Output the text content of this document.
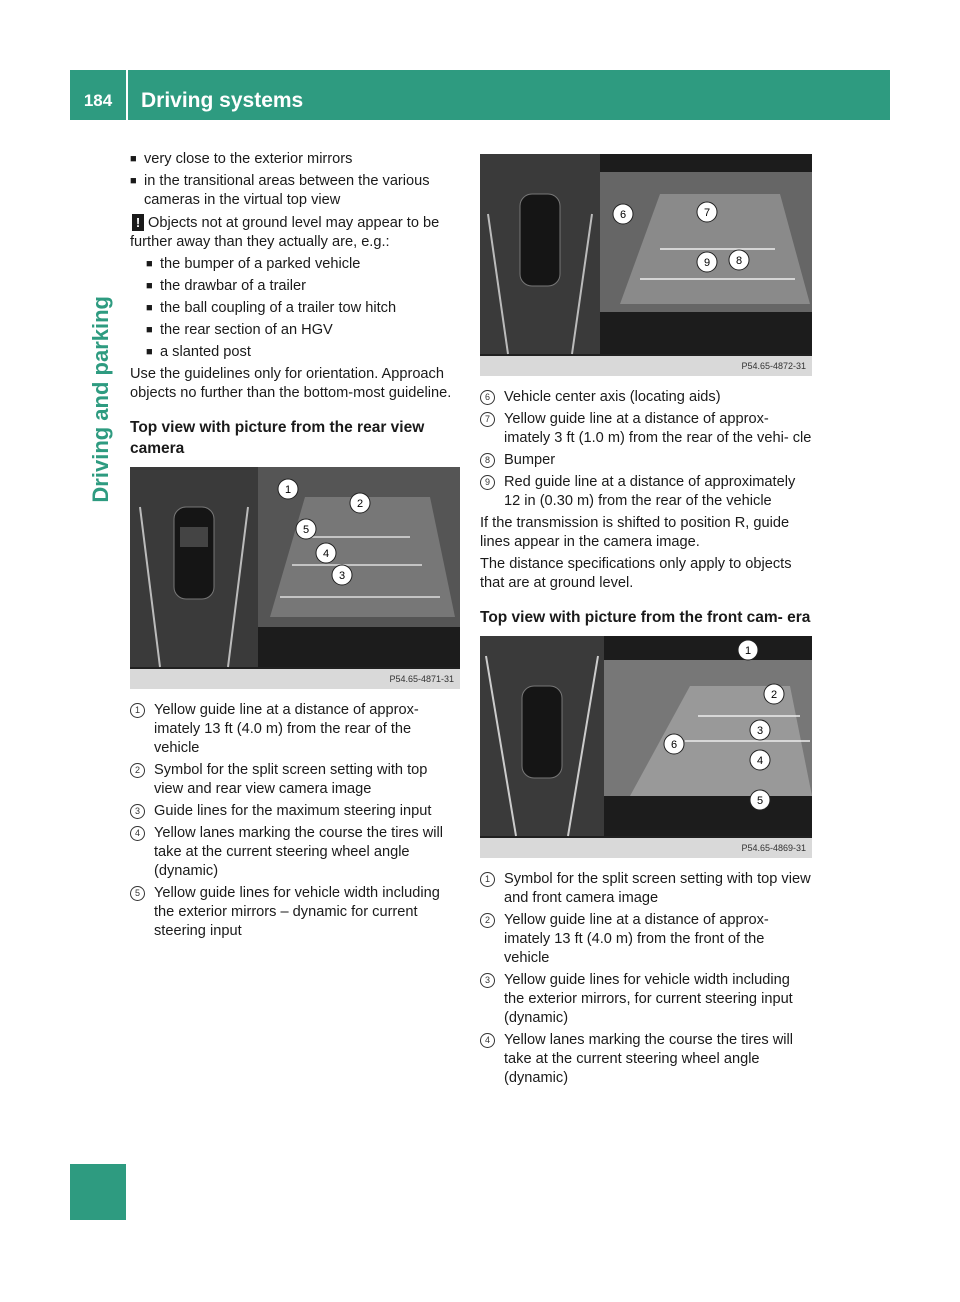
184	Driving systems
Driving and parking
■ very close to the exterior mirrors
■ in the transitional areas between the various cameras in the virtual top view
! Objects not at ground level may appear to be further away than they actually are, e.g.:
■ the bumper of a parked vehicle
■ the drawbar of a trailer
■ the ball coupling of a trailer tow hitch
■ the rear section of an HGV
■ a slanted post

Use the guidelines only for orientation. Approach objects no further than the bottom-most guideline.

Top view with picture from the rear view camera
1
2
3
4
5
P54.65-4871-31
1 Yellow guide line at a distance of approx- imately 13 ft (4.0 m) from the rear of the vehicle
2 Symbol for the split screen setting with top view and rear view camera image
3 Guide lines for the maximum steering input
4 Yellow lanes marking the course the tires will take at the current steering wheel angle (dynamic)
5 Yellow guide lines for vehicle width including the exterior mirrors – dynamic for current steering input
6	7
8
9
P54.65-4872-31
6 Vehicle center axis (locating aids)
7 Yellow guide line at a distance of approx- imately 3 ft (1.0 m) from the rear of the vehi- cle
8 Bumper
9 Red guide line at a distance of approximately 12 in (0.30 m) from the rear of the vehicle

If the transmission is shifted to position R, guide lines appear in the camera image.

The distance specifications only apply to objects that are at ground level.

Top view with picture from the front cam- era
1
2
3
4
5
6
P54.65-4869-31
1 Symbol for the split screen setting with top view and front camera image
2 Yellow guide line at a distance of approx- imately 13 ft (4.0 m) from the front of the vehicle
3 Yellow guide lines for vehicle width including the exterior mirrors, for current steering input (dynamic)
4 Yellow lanes marking the course the tires will take at the current steering wheel angle (dynamic)
